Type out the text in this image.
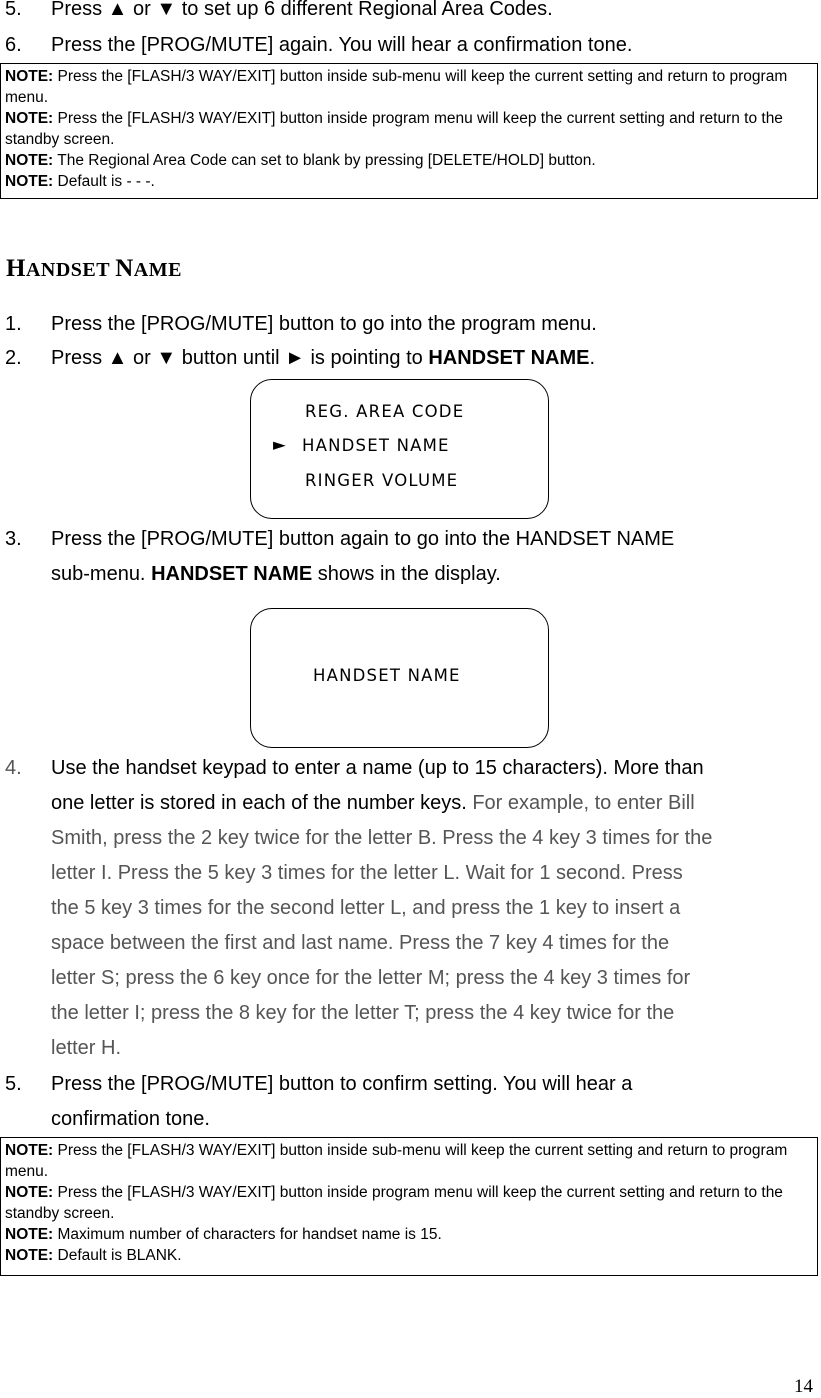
5. Press ▲ or ▼ to set up 6 different Regional Area Codes.
6. Press the [PROG/MUTE] again. You will hear a confirmation tone.
NOTE: Press the [FLASH/3 WAY/EXIT] button inside sub-menu will keep the current setting and return to program menu.
NOTE: Press the [FLASH/3 WAY/EXIT] button inside program menu will keep the current setting and return to the standby screen.
NOTE: The Regional Area Code can set to blank by pressing [DELETE/HOLD] button.
NOTE: Default is - - -.
HANDSET NAME
1. Press the [PROG/MUTE] button to go into the program menu.
2. Press ▲ or ▼ button until ► is pointing to HANDSET NAME.
REG. AREA CODE
► HANDSET NAME
RINGER VOLUME
3. Press the [PROG/MUTE] button again to go into the HANDSET NAME
sub-menu. HANDSET NAME shows in the display.
HANDSET NAME
4. Use the handset keypad to enter a name (up to 15 characters). More than
one letter is stored in each of the number keys. For example, to enter Bill
Smith, press the 2 key twice for the letter B. Press the 4 key 3 times for the
letter I. Press the 5 key 3 times for the letter L. Wait for 1 second. Press
the 5 key 3 times for the second letter L, and press the 1 key to insert a
space between the first and last name. Press the 7 key 4 times for the
letter S; press the 6 key once for the letter M; press the 4 key 3 times for
the letter I; press the 8 key for the letter T; press the 4 key twice for the
letter H.
5. Press the [PROG/MUTE] button to confirm setting. You will hear a
confirmation tone.
NOTE: Press the [FLASH/3 WAY/EXIT] button inside sub-menu will keep the current setting and return to program menu.
NOTE: Press the [FLASH/3 WAY/EXIT] button inside program menu will keep the current setting and return to the standby screen.
NOTE: Maximum number of characters for handset name is 15.
NOTE: Default is BLANK.
14
